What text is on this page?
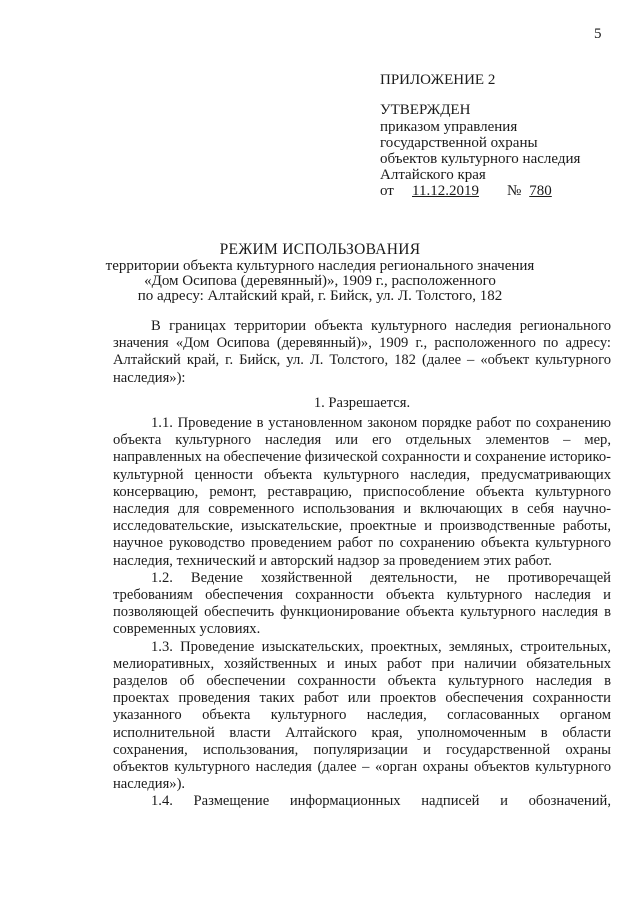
5
ПРИЛОЖЕНИЕ 2
УТВЕРЖДЕН
приказом управления
государственной охраны
объектов культурного наследия
Алтайского края
от 11.12.2019 № 780
РЕЖИМ ИСПОЛЬЗОВАНИЯ
территории объекта культурного наследия регионального значения
«Дом Осипова (деревянный)», 1909 г., расположенного
по адресу: Алтайский край, г. Бийск, ул. Л. Толстого, 182

В границах территории объекта культурного наследия регионального значения «Дом Осипова (деревянный)», 1909 г., расположенного по адресу: Алтайский край, г. Бийск, ул. Л. Толстого, 182 (далее – «объект культурного наследия»):

1. Разрешается.

1.1. Проведение в установленном законом порядке работ по сохранению объекта культурного наследия или его отдельных элементов – мер, направленных на обеспечение физической сохранности и сохранение историко-культурной ценности объекта культурного наследия, предусматривающих консервацию, ремонт, реставрацию, приспособление объекта культурного наследия для современного использования и включающих в себя научно-исследовательские, изыскательские, проектные и производственные работы, научное руководство проведением работ по сохранению объекта культурного наследия, технический и авторский надзор за проведением этих работ.

1.2. Ведение хозяйственной деятельности, не противоречащей требованиям обеспечения сохранности объекта культурного наследия и позволяющей обеспечить функционирование объекта культурного наследия в современных условиях.

1.3. Проведение изыскательских, проектных, земляных, строительных, мелиоративных, хозяйственных и иных работ при наличии обязательных разделов об обеспечении сохранности объекта культурного наследия в проектах проведения таких работ или проектов обеспечения сохранности указанного объекта культурного наследия, согласованных органом исполнительной власти Алтайского края, уполномоченным в области сохранения, использования, популяризации и государственной охраны объектов культурного наследия (далее – «орган охраны объектов культурного наследия»).

1.4. Размещение информационных надписей и обозначений,
